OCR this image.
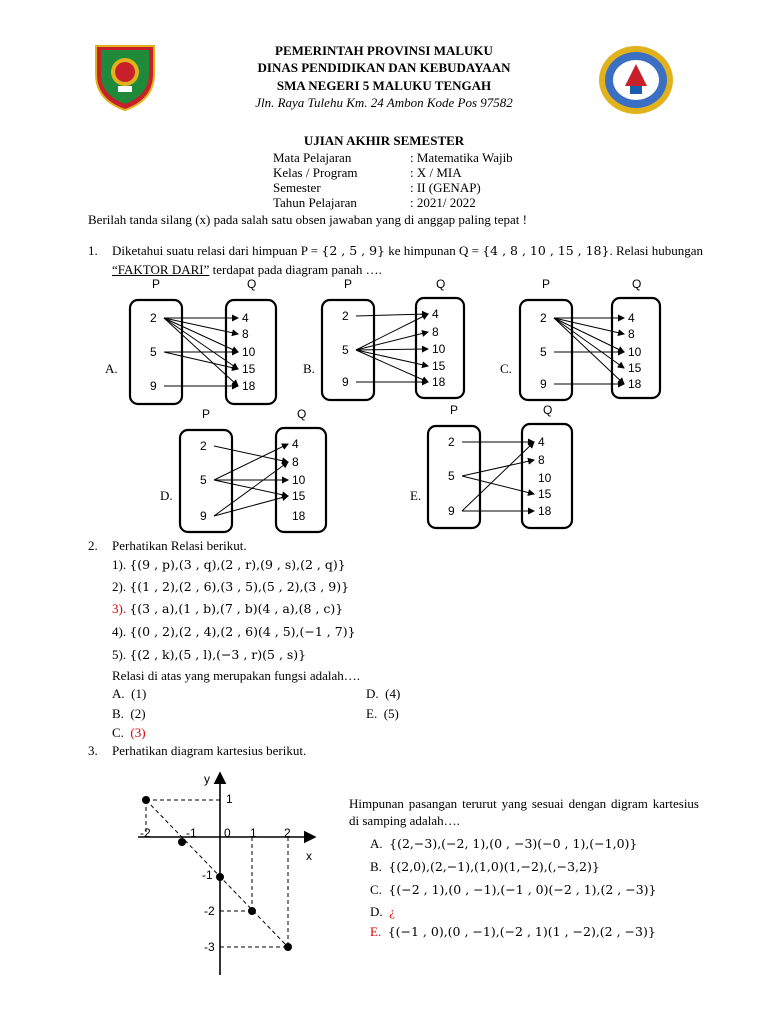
PEMERINTAH PROVINSI MALUKU
DINAS PENDIDIKAN DAN KEBUDAYAAN
SMA NEGERI 5 MALUKU TENGAH
Jln. Raya Tulehu Km. 24 Ambon Kode Pos 97582
UJIAN AKHIR SEMESTER
Mata Pelajaran	: Matematika Wajib
Kelas / Program	: X / MIA
Semester	: II (GENAP)
Tahun Pelajaran	: 2021/ 2022
Berilah tanda silang (x) pada salah satu obsen jawaban yang di anggap paling tepat !
1. Diketahui suatu relasi dari himpuan P = {2 , 5 , 9} ke himpunan Q = {4 , 8 , 10 , 15 , 18}. Relasi hubungan
“FAKTOR DARI” terdapat pada diagram panah ….
P	Q
2
5
9
4
8
10
15
18
P	Q
2
5
9
4
8
10
15
18
P	Q
2
5
9
4
8
10
15
18
P	Q
2
5
9
4
8
10
15
18
P	Q
2
5
9
4
8
10
15
18
A.	B.	C.
D.	E.
2. Perhatikan Relasi berikut.
1). {(9 , p),(3 , q),(2 , r),(9 , s),(2 , q)}
2). {(1 , 2),(2 , 6),(3 , 5),(5 , 2),(3 , 9)}
3). {(3 , a),(1 , b),(7 , b)(4 , a),(8 , c)}
4). {(0 , 2),(2 , 4),(2 , 6)(4 , 5),(−1 , 7)}
5). {(2 , k),(5 , l),(−3 , r)(5 , s)}
Relasi di atas yang merupakan fungsi adalah….
A. (1)
B. (2)
C. (3)
D. (4)
E. (5)
3. Perhatikan diagram kartesius berikut.
y
x
1
-2	-1 0 1 2
-1
-2
-3
Himpunan pasangan terurut yang sesuai dengan digram kartesius di samping adalah….
A. {(2,−3),(−2, 1),(0 , −3)(−0 , 1),(−1,0)}
B. {(2,0),(2,−1),(1,0)(1,−2),(,−3,2)}
C. {(−2 , 1),(0 , −1),(−1 , 0)(−2 , 1),(2 , −3)}
D. ¿
E. {(−1 , 0),(0 , −1),(−2 , 1)(1 , −2),(2 , −3)}
